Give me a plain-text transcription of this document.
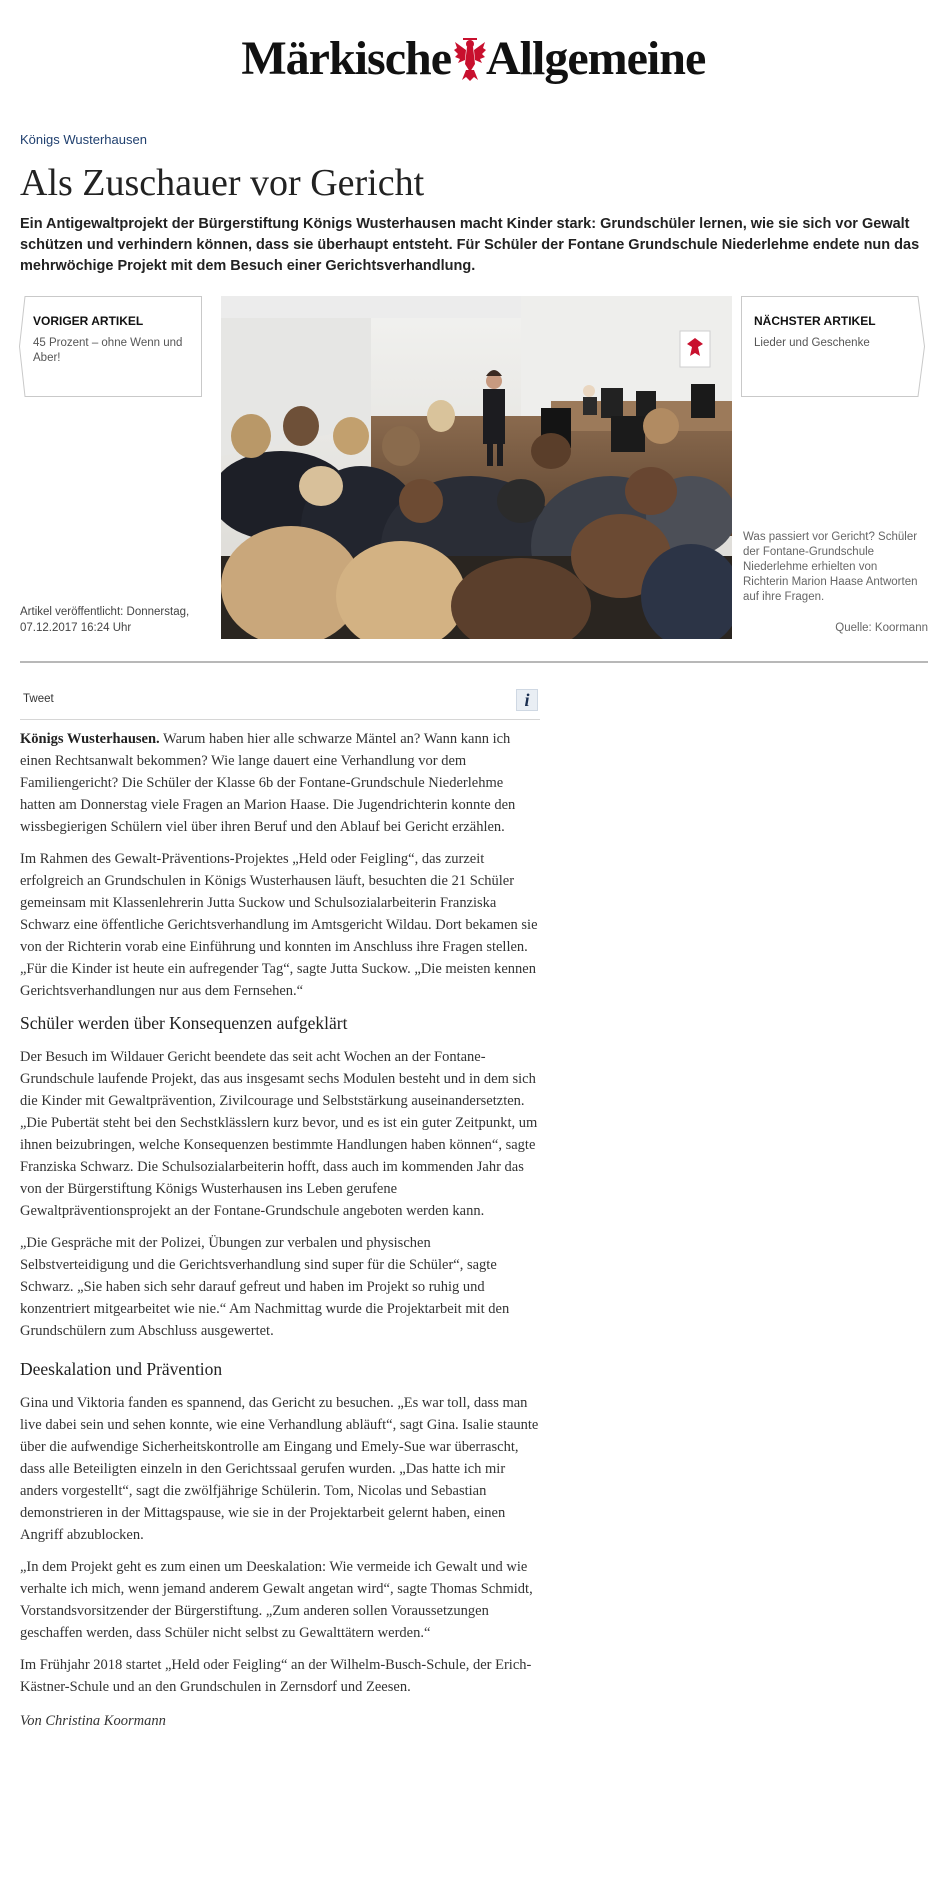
Märkische Allgemeine
Königs Wusterhausen
Als Zuschauer vor Gericht

Ein Antigewaltprojekt der Bürgerstiftung Königs Wusterhausen macht Kinder stark: Grundschüler lernen, wie sie sich vor Gewalt schützen und verhindern können, dass sie überhaupt entsteht. Für Schüler der Fontane Grundschule Niederlehme endete nun das mehrwöchige Projekt mit dem Besuch einer Gerichtsverhandlung.

VORIGER ARTIKEL
45 Prozent – ohne Wenn und Aber!
NÄCHSTER ARTIKEL
Lieder und Geschenke
Artikel veröffentlicht: Donnerstag, 07.12.2017 16:24 Uhr
Was passiert vor Gericht? Schüler der Fontane-Grundschule Niederlehme erhielten von Richterin Marion Haase Antworten auf ihre Fragen.
Quelle: Koormann
Tweet	i

Königs Wusterhausen. Warum haben hier alle schwarze Mäntel an? Wann kann ich einen Rechtsanwalt bekommen? Wie lange dauert eine Verhandlung vor dem Familiengericht? Die Schüler der Klasse 6b der Fontane-Grundschule Niederlehme hatten am Donnerstag viele Fragen an Marion Haase. Die Jugendrichterin konnte den wissbegierigen Schülern viel über ihren Beruf und den Ablauf bei Gericht erzählen.

Im Rahmen des Gewalt-Präventions-Projektes „Held oder Feigling“, das zurzeit erfolgreich an Grundschulen in Königs Wusterhausen läuft, besuchten die 21 Schüler gemeinsam mit Klassenlehrerin Jutta Suckow und Schulsozialarbeiterin Franziska Schwarz eine öffentliche Gerichtsverhandlung im Amtsgericht Wildau. Dort bekamen sie von der Richterin vorab eine Einführung und konnten im Anschluss ihre Fragen stellen. „Für die Kinder ist heute ein aufregender Tag“, sagte Jutta Suckow. „Die meisten kennen Gerichtsverhandlungen nur aus dem Fernsehen.“

Schüler werden über Konsequenzen aufgeklärt

Der Besuch im Wildauer Gericht beendete das seit acht Wochen an der Fontane-Grundschule laufende Projekt, das aus insgesamt sechs Modulen besteht und in dem sich die Kinder mit Gewaltprävention, Zivilcourage und Selbststärkung auseinandersetzten. „Die Pubertät steht bei den Sechstklässlern kurz bevor, und es ist ein guter Zeitpunkt, um ihnen beizubringen, welche Konsequenzen bestimmte Handlungen haben können“, sagte Franziska Schwarz. Die Schulsozialarbeiterin hofft, dass auch im kommenden Jahr das von der Bürgerstiftung Königs Wusterhausen ins Leben gerufene Gewaltpräventionsprojekt an der Fontane-Grundschule angeboten werden kann.

„Die Gespräche mit der Polizei, Übungen zur verbalen und physischen Selbstverteidigung und die Gerichtsverhandlung sind super für die Schüler“, sagte Schwarz. „Sie haben sich sehr darauf gefreut und haben im Projekt so ruhig und konzentriert mitgearbeitet wie nie.“ Am Nachmittag wurde die Projektarbeit mit den Grundschülern zum Abschluss ausgewertet.

Deeskalation und Prävention

Gina und Viktoria fanden es spannend, das Gericht zu besuchen. „Es war toll, dass man live dabei sein und sehen konnte, wie eine Verhandlung abläuft“, sagt Gina. Isalie staunte über die aufwendige Sicherheitskontrolle am Eingang und Emely-Sue war überrascht, dass alle Beteiligten einzeln in den Gerichtssaal gerufen wurden. „Das hatte ich mir anders vorgestellt“, sagt die zwölfjährige Schülerin. Tom, Nicolas und Sebastian demonstrieren in der Mittagspause, wie sie in der Projektarbeit gelernt haben, einen Angriff abzublocken.

„In dem Projekt geht es zum einen um Deeskalation: Wie vermeide ich Gewalt und wie verhalte ich mich, wenn jemand anderem Gewalt angetan wird“, sagte Thomas Schmidt, Vorstandsvorsitzender der Bürgerstiftung. „Zum anderen sollen Voraussetzungen geschaffen werden, dass Schüler nicht selbst zu Gewalttätern werden.“

Im Frühjahr 2018 startet „Held oder Feigling“ an der Wilhelm-Busch-Schule, der Erich-Kästner-Schule und an den Grundschulen in Zernsdorf und Zeesen.

Von Christina Koormann
